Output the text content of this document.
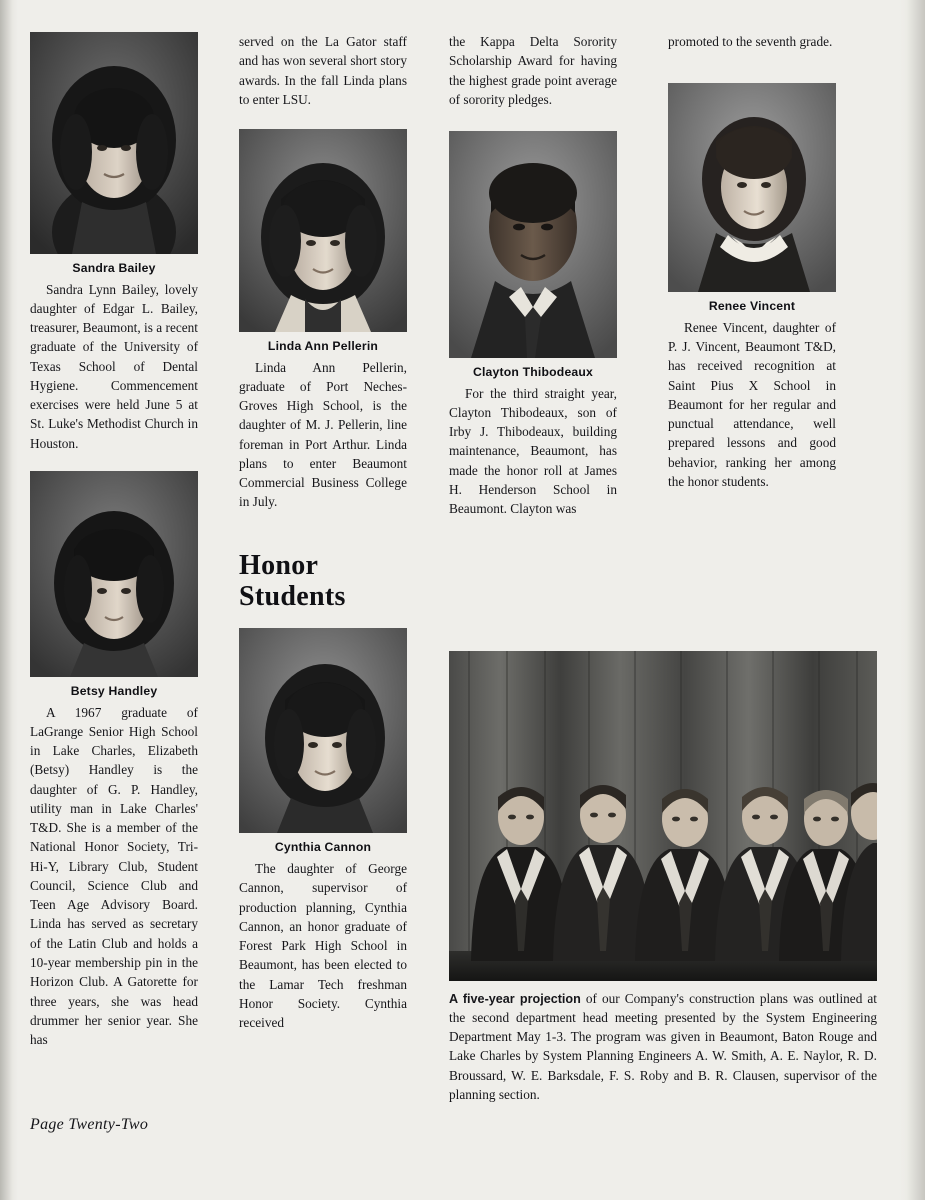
Sandra Bailey

Sandra Lynn Bailey, lovely daughter of Edgar L. Bailey, treasurer, Beaumont, is a recent graduate of the University of Texas School of Dental Hygiene. Commencement exercises were held June 5 at St. Luke's Methodist Church in Houston.

Betsy Handley

A 1967 graduate of LaGrange Senior High School in Lake Charles, Elizabeth (Betsy) Handley is the daughter of G. P. Handley, utility man in Lake Charles' T&D. She is a member of the National Honor Society, Tri-Hi-Y, Library Club, Student Council, Science Club and Teen Age Advisory Board. Linda has served as secretary of the Latin Club and holds a 10-year membership pin in the Horizon Club. A Gatorette for three years, she was head drummer her senior year. She has

served on the La Gator staff and has won several short story awards. In the fall Linda plans to enter LSU.

Linda Ann Pellerin

Linda Ann Pellerin, graduate of Port Neches-Groves High School, is the daughter of M. J. Pellerin, line foreman in Port Arthur. Linda plans to enter Beaumont Commercial Business College in July.

Honor
Students
Cynthia Cannon

The daughter of George Cannon, supervisor of production planning, Cynthia Cannon, an honor graduate of Forest Park High School in Beaumont, has been elected to the Lamar Tech freshman Honor Society. Cynthia received

the Kappa Delta Sorority Scholarship Award for having the highest grade point average of sorority pledges.

Clayton Thibodeaux

For the third straight year, Clayton Thibodeaux, son of Irby J. Thibodeaux, building maintenance, Beaumont, has made the honor roll at James H. Henderson School in Beaumont. Clayton was

promoted to the seventh grade.

Renee Vincent

Renee Vincent, daughter of P. J. Vincent, Beaumont T&D, has received recognition at Saint Pius X School in Beaumont for her regular and punctual attendance, well prepared lessons and good behavior, ranking her among the honor students.

A five-year projection of our Company's construction plans was outlined at the second department head meeting presented by the System Engineering Department May 1-3. The program was given in Beaumont, Baton Rouge and Lake Charles by System Planning Engineers A. W. Smith, A. E. Naylor, R. D. Broussard, W. E. Barksdale, F. S. Roby and B. R. Clausen, supervisor of the planning section.
Page Twenty-Two
